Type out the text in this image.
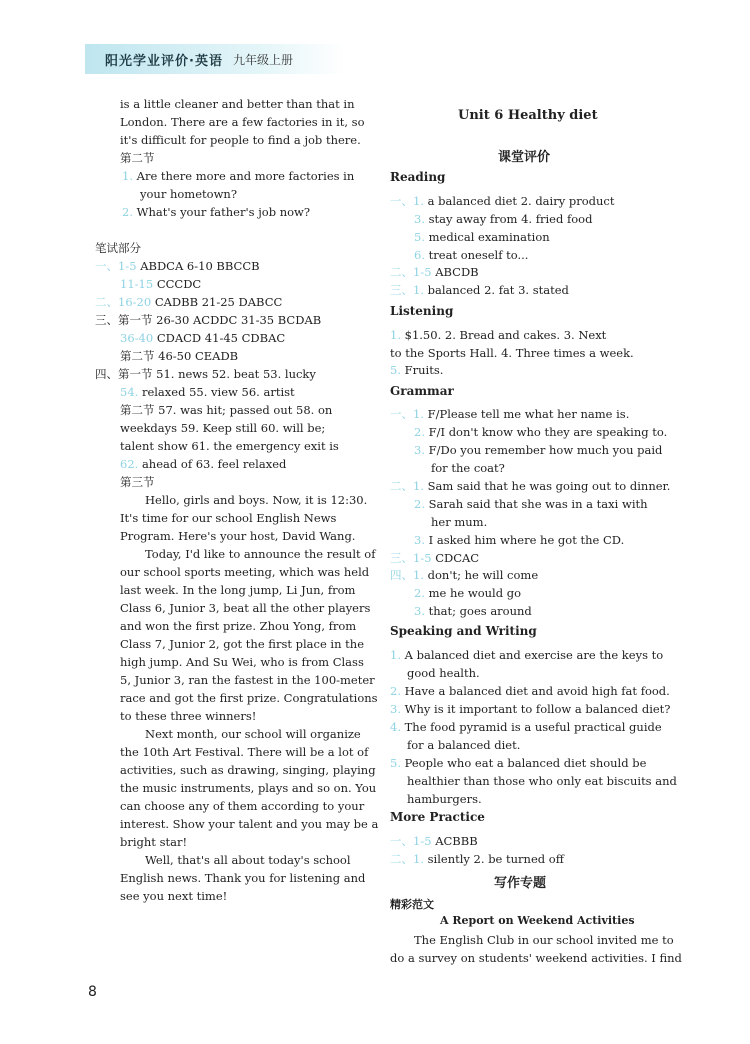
阳光学业评价·英语 九年级上册
is a little cleaner and better than that in
London. There are a few factories in it, so
it's difficult for people to find a job there.
第二节
1. Are there more and more factories in
your hometown?
2. What's your father's job now?
笔试部分
一、1-5 ABDCA 6-10 BBCCB
11-15 CCCDC
二、16-20 CADBB 21-25 DABCC
三、第一节 26-30 ACDDC 31-35 BCDAB
36-40 CDACD 41-45 CDBAC
第二节 46-50 CEADB
四、第一节 51. news 52. beat 53. lucky
54. relaxed 55. view 56. artist
第二节 57. was hit; passed out 58. on
weekdays 59. Keep still 60. will be;
talent show 61. the emergency exit is
62. ahead of 63. feel relaxed
第三节
Hello, girls and boys. Now, it is 12:30.
It's time for our school English News
Program. Here's your host, David Wang.
Today, I'd like to announce the result of
our school sports meeting, which was held
last week. In the long jump, Li Jun, from
Class 6, Junior 3, beat all the other players
and won the first prize. Zhou Yong, from
Class 7, Junior 2, got the first place in the
high jump. And Su Wei, who is from Class
5, Junior 3, ran the fastest in the 100-meter
race and got the first prize. Congratulations
to these three winners!
Next month, our school will organize
the 10th Art Festival. There will be a lot of
activities, such as drawing, singing, playing
the music instruments, plays and so on. You
can choose any of them according to your
interest. Show your talent and you may be a
bright star!
Well, that's all about today's school
English news. Thank you for listening and
see you next time!
一、1. a balanced diet 2. dairy product
3. stay away from 4. fried food
5. medical examination
6. treat oneself to...
二、1-5 ABCDB
三、1. balanced 2. fat 3. stated
1. $1.50. 2. Bread and cakes. 3. Next
to the Sports Hall. 4. Three times a week.
5. Fruits.
一、1. F/Please tell me what her name is.
2. F/I don't know who they are speaking to.
3. F/Do you remember how much you paid
for the coat?
二、1. Sam said that he was going out to dinner.
2. Sarah said that she was in a taxi with
her mum.
3. I asked him where he got the CD.
三、1-5 CDCAC
四、1. don't; he will come
2. me he would go
3. that; goes around
1. A balanced diet and exercise are the keys to
good health.
2. Have a balanced diet and avoid high fat food.
3. Why is it important to follow a balanced diet?
4. The food pyramid is a useful practical guide
for a balanced diet.
5. People who eat a balanced diet should be
healthier than those who only eat biscuits and
hamburgers.
一、1-5 ACBBB
二、1. silently 2. be turned off
The English Club in our school invited me to
do a survey on students' weekend activities. I find
Unit 6 Healthy diet
课堂评价
Reading
Listening
Grammar
Speaking and Writing
More Practice
写作专题
精彩范文
A Report on Weekend Activities
8
